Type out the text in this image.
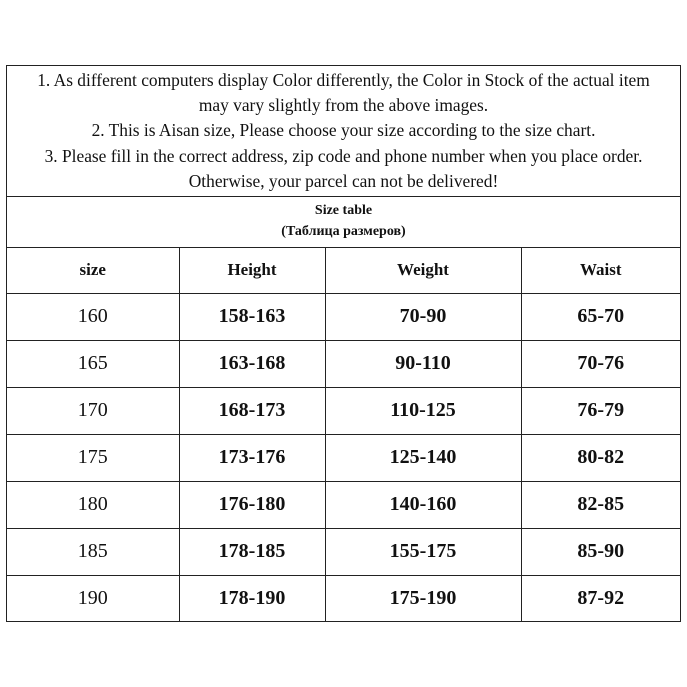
1. As different computers display Color differently, the Color in Stock of the actual item
may vary slightly from the above images.
2. This is Aisan size, Please choose your size according to the size chart.
3. Please fill in the correct address, zip code and phone number when you place order.
Otherwise, your parcel can not be delivered!
Size table
(Таблица размеров)
size	Height	Weight	Waist
160	158-163	70-90	65-70
165	163-168	90-110	70-76
170	168-173	110-125	76-79
175	173-176	125-140	80-82
180	176-180	140-160	82-85
185	178-185	155-175	85-90
190	178-190	175-190	87-92
